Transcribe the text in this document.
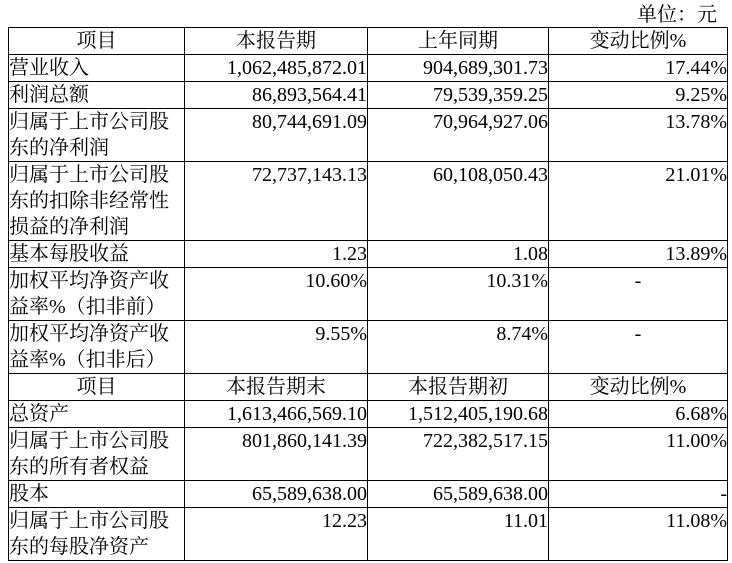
单位：元
项目	本报告期	上年同期	变动比例%
营业收入	1,062,485,872.01	904,689,301.73	17.44%
利润总额	86,893,564.41	79,539,359.25	9.25%
归属于上市公司股东的净利润	80,744,691.09	70,964,927.06	13.78%
归属于上市公司股东的扣除非经常性损益的净利润	72,737,143.13	60,108,050.43	21.01%
基本每股收益	1.23	1.08	13.89%
加权平均净资产收益率%（扣非前）	10.60%	10.31%	-
加权平均净资产收益率%（扣非后）	9.55%	8.74%	-
项目	本报告期末	本报告期初	变动比例%
总资产	1,613,466,569.10	1,512,405,190.68	6.68%
归属于上市公司股东的所有者权益	801,860,141.39	722,382,517.15	11.00%
股本	65,589,638.00	65,589,638.00	-
归属于上市公司股东的每股净资产	12.23	11.01	11.08%
